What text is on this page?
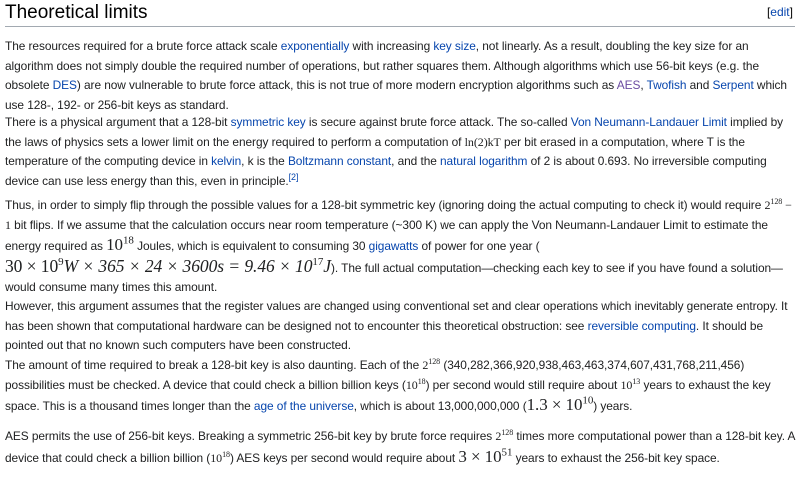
Theoretical limits	[edit]

The resources required for a brute force attack scale exponentially with increasing key size, not linearly. As a result, doubling the key size for an algorithm does not simply double the required number of operations, but rather squares them. Although algorithms which use 56-bit keys (e.g. the obsolete DES) are now vulnerable to brute force attack, this is not true of more modern encryption algorithms such as AES, Twofish and Serpent which use 128-, 192- or 256-bit keys as standard.

There is a physical argument that a 128-bit symmetric key is secure against brute force attack. The so-called Von Neumann-Landauer Limit implied by the laws of physics sets a lower limit on the energy required to perform a computation of ln(2)kT per bit erased in a computation, where T is the temperature of the computing device in kelvin, k is the Boltzmann constant, and the natural logarithm of 2 is about 0.693. No irreversible computing device can use less energy than this, even in principle.[2]

Thus, in order to simply flip through the possible values for a 128-bit symmetric key (ignoring doing the actual computing to check it) would require $2^{128} - 1$ bit flips. If we assume that the calculation occurs near room temperature (~300 K) we can apply the Von Neumann-Landauer Limit to estimate the energy required as $10^{18}$ Joules, which is equivalent to consuming 30 gigawatts of power for one year (
$30 \times 10^9W \times 365 \times 24 \times 3600s = 9.46 \times 10^{17}J$). The full actual computation—checking each key to see if you have found a solution—would consume many times this amount.

However, this argument assumes that the register values are changed using conventional set and clear operations which inevitably generate entropy. It has been shown that computational hardware can be designed not to encounter this theoretical obstruction: see reversible computing. It should be pointed out that no known such computers have been constructed.

The amount of time required to break a 128-bit key is also daunting. Each of the $2^{128}$ (340,282,366,920,938,463,463,374,607,431,768,211,456) possibilities must be checked. A device that could check a billion billion keys $(10^{18})$ per second would still require about $10^{13}$ years to exhaust the key space. This is a thousand times longer than the age of the universe, which is about 13,000,000,000 $(1.3 \times 10^{10})$ years.

AES permits the use of 256-bit keys. Breaking a symmetric 256-bit key by brute force requires $2^{128}$ times more computational power than a 128-bit key. A device that could check a billion billion $(10^{18})$ AES keys per second would require about $3 \times 10^{51}$ years to exhaust the 256-bit key space.
